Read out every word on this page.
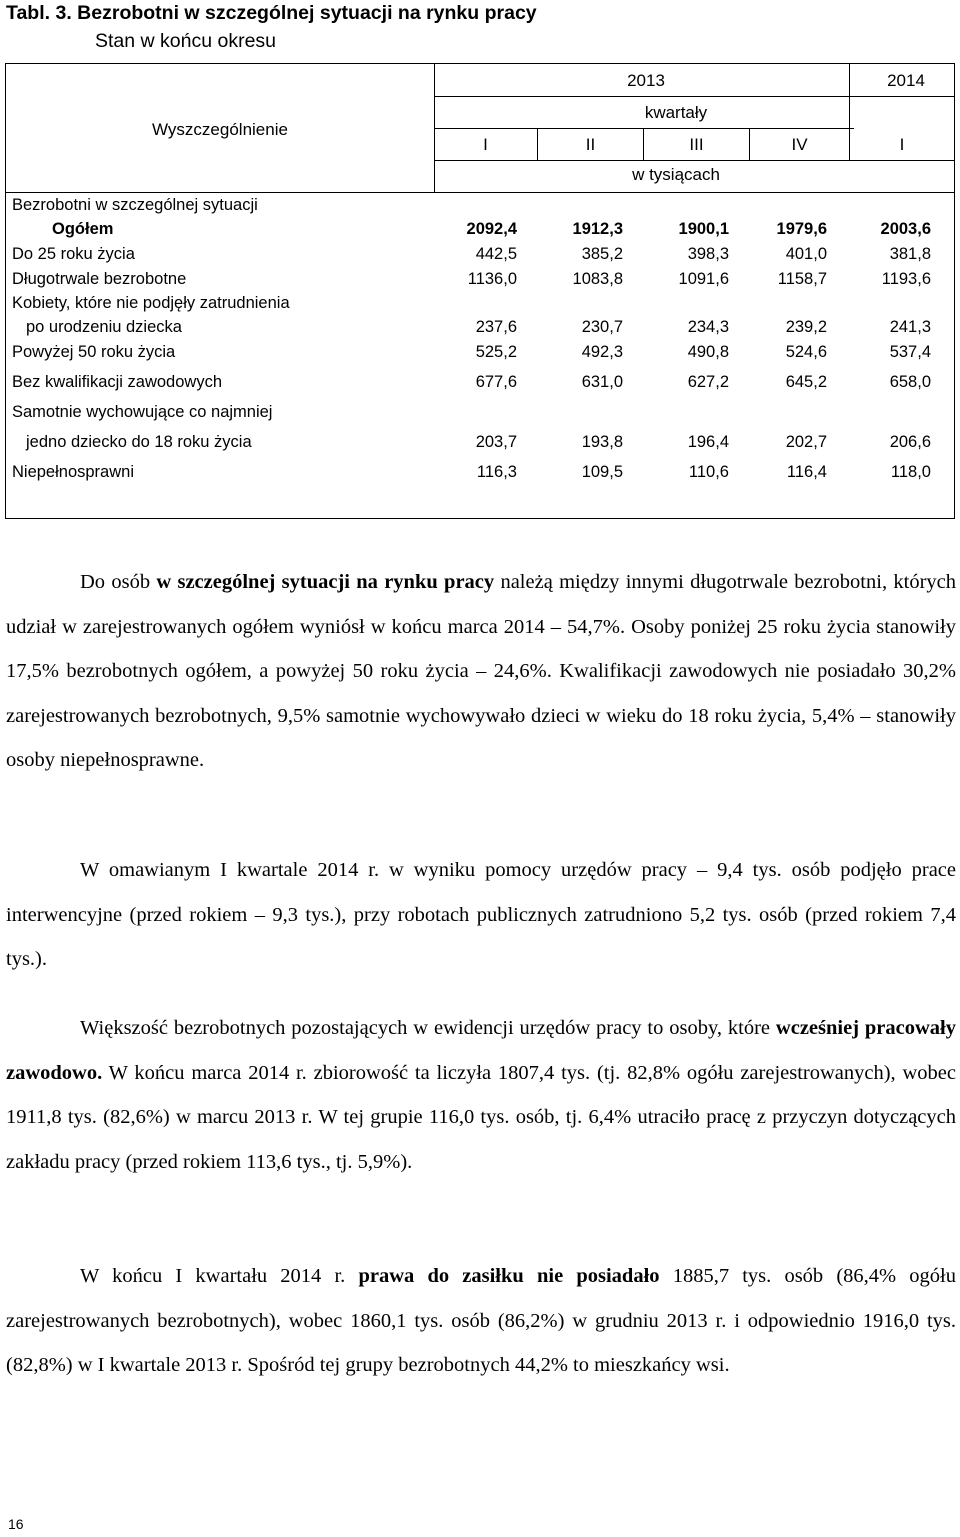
Tabl. 3. Bezrobotni w szczególnej sytuacji na rynku pracy
Stan w końcu okresu
Wyszczególnienie
2013	2014
kwartały
I	II	III	IV	I
w tysiącach
Bezrobotni w szczególnej sytuacji
Ogółem	2092,4	1912,3	1900,1	1979,6	2003,6
Do 25 roku życia	442,5	385,2	398,3	401,0	381,8
Długotrwale bezrobotne	1136,0	1083,8	1091,6	1158,7	1193,6
Kobiety, które nie podjęły zatrudnienia
po urodzeniu dziecka	237,6	230,7	234,3	239,2	241,3
Powyżej 50 roku życia	525,2	492,3	490,8	524,6	537,4
Bez kwalifikacji zawodowych	677,6	631,0	627,2	645,2	658,0
Samotnie wychowujące co najmniej
jedno dziecko do 18 roku życia	203,7	193,8	196,4	202,7	206,6
Niepełnosprawni	116,3	109,5	110,6	116,4	118,0

Do osób w szczególnej sytuacji na rynku pracy należą między innymi długotrwale bezrobotni, których udział w zarejestrowanych ogółem wyniósł w końcu marca 2014 – 54,7%. Osoby poniżej 25 roku życia stanowiły 17,5% bezrobotnych ogółem, a powyżej 50 roku życia – 24,6%. Kwalifikacji zawodowych nie posiadało 30,2% zarejestrowanych bezrobotnych, 9,5% samotnie wychowywało dzieci w wieku do 18 roku życia, 5,4% – stanowiły osoby niepełnosprawne.

W omawianym I kwartale 2014 r. w wyniku pomocy urzędów pracy – 9,4 tys. osób podjęło prace interwencyjne (przed rokiem – 9,3 tys.), przy robotach publicznych zatrudniono 5,2 tys. osób (przed rokiem 7,4 tys.).

Większość bezrobotnych pozostających w ewidencji urzędów pracy to osoby, które wcześniej pracowały zawodowo. W końcu marca 2014 r. zbiorowość ta liczyła 1807,4 tys. (tj. 82,8% ogółu zarejestrowanych), wobec 1911,8 tys. (82,6%) w marcu 2013 r. W tej grupie 116,0 tys. osób, tj. 6,4% utraciło pracę z przyczyn dotyczących zakładu pracy (przed rokiem 113,6 tys., tj. 5,9%).

W końcu I kwartału 2014 r. prawa do zasiłku nie posiadało 1885,7 tys. osób (86,4% ogółu zarejestrowanych bezrobotnych), wobec 1860,1 tys. osób (86,2%) w grudniu 2013 r. i odpowiednio 1916,0 tys. (82,8%) w I kwartale 2013 r. Spośród tej grupy bezrobotnych 44,2% to mieszkańcy wsi.

16
